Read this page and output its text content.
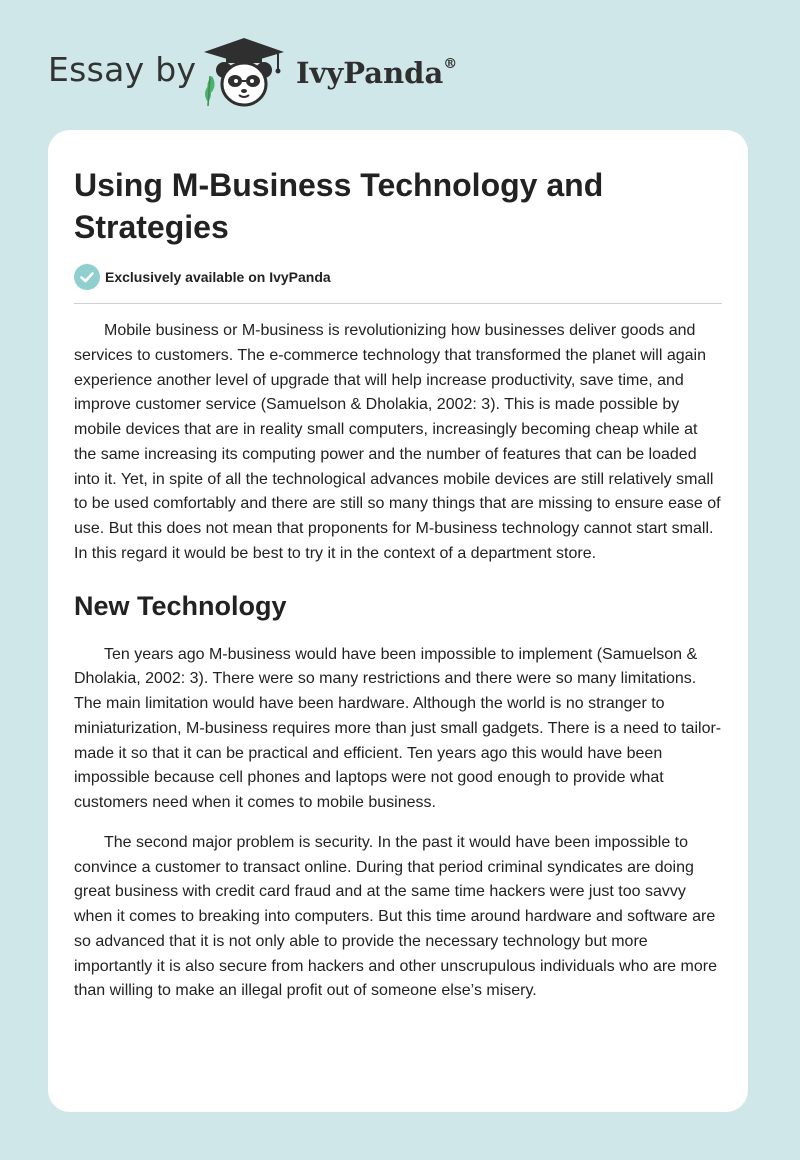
Essay by	IvyPanda®
Using M-Business Technology and Strategies
Exclusively available on IvyPanda

Mobile business or M-business is revolutionizing how businesses deliver goods and services to customers. The e-commerce technology that transformed the planet will again experience another level of upgrade that will help increase productivity, save time, and improve customer service (Samuelson & Dholakia, 2002: 3). This is made possible by mobile devices that are in reality small computers, increasingly becoming cheap while at the same increasing its computing power and the number of features that can be loaded into it. Yet, in spite of all the technological advances mobile devices are still relatively small to be used comfortably and there are still so many things that are missing to ensure ease of use. But this does not mean that proponents for M-business technology cannot start small. In this regard it would be best to try it in the context of a department store.

New Technology

Ten years ago M-business would have been impossible to implement (Samuelson & Dholakia, 2002: 3). There were so many restrictions and there were so many limitations. The main limitation would have been hardware. Although the world is no stranger to miniaturization, M-business requires more than just small gadgets. There is a need to tailor-made it so that it can be practical and efficient. Ten years ago this would have been impossible because cell phones and laptops were not good enough to provide what customers need when it comes to mobile business.

The second major problem is security. In the past it would have been impossible to convince a customer to transact online. During that period criminal syndicates are doing great business with credit card fraud and at the same time hackers were just too savvy when it comes to breaking into computers. But this time around hardware and software are so advanced that it is not only able to provide the necessary technology but more importantly it is also secure from hackers and other unscrupulous individuals who are more than willing to make an illegal profit out of someone else’s misery.
